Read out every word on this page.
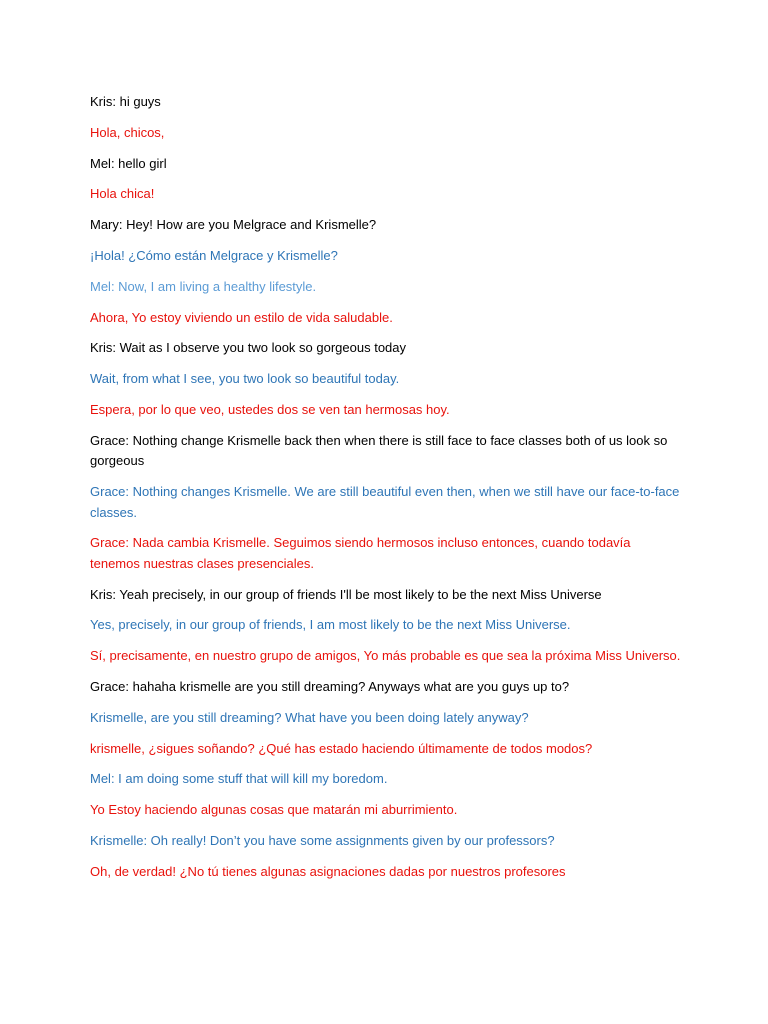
Kris: hi guys

Hola, chicos,

Mel: hello girl

Hola chica!

Mary: Hey! How are you Melgrace and Krismelle?

¡Hola! ¿Cómo están Melgrace y Krismelle?

Mel: Now, I am living a healthy lifestyle.

Ahora, Yo estoy viviendo un estilo de vida saludable.

Kris: Wait as I observe you two look so gorgeous today

Wait, from what I see, you two look so beautiful today.

Espera, por lo que veo, ustedes dos se ven tan hermosas hoy.

Grace: Nothing change Krismelle back then when there is still face to face classes both of us look so gorgeous

Grace: Nothing changes Krismelle. We are still beautiful even then, when we still have our face-to-face classes.

Grace: Nada cambia Krismelle. Seguimos siendo hermosos incluso entonces, cuando todavía tenemos nuestras clases presenciales.

Kris: Yeah precisely, in our group of friends I'll be most likely to be the next Miss Universe

Yes, precisely, in our group of friends, I am most likely to be the next Miss Universe.

Sí, precisamente, en nuestro grupo de amigos, Yo más probable es que sea la próxima Miss Universo.

Grace: hahaha krismelle are you still dreaming? Anyways what are you guys up to?

Krismelle, are you still dreaming? What have you been doing lately anyway?

krismelle, ¿sigues soñando? ¿Qué has estado haciendo últimamente de todos modos?

Mel: I am doing some stuff that will kill my boredom.

Yo Estoy haciendo algunas cosas que matarán mi aburrimiento.

Krismelle: Oh really! Don’t you have some assignments given by our professors?

Oh, de verdad! ¿No tú tienes algunas asignaciones dadas por nuestros profesores
